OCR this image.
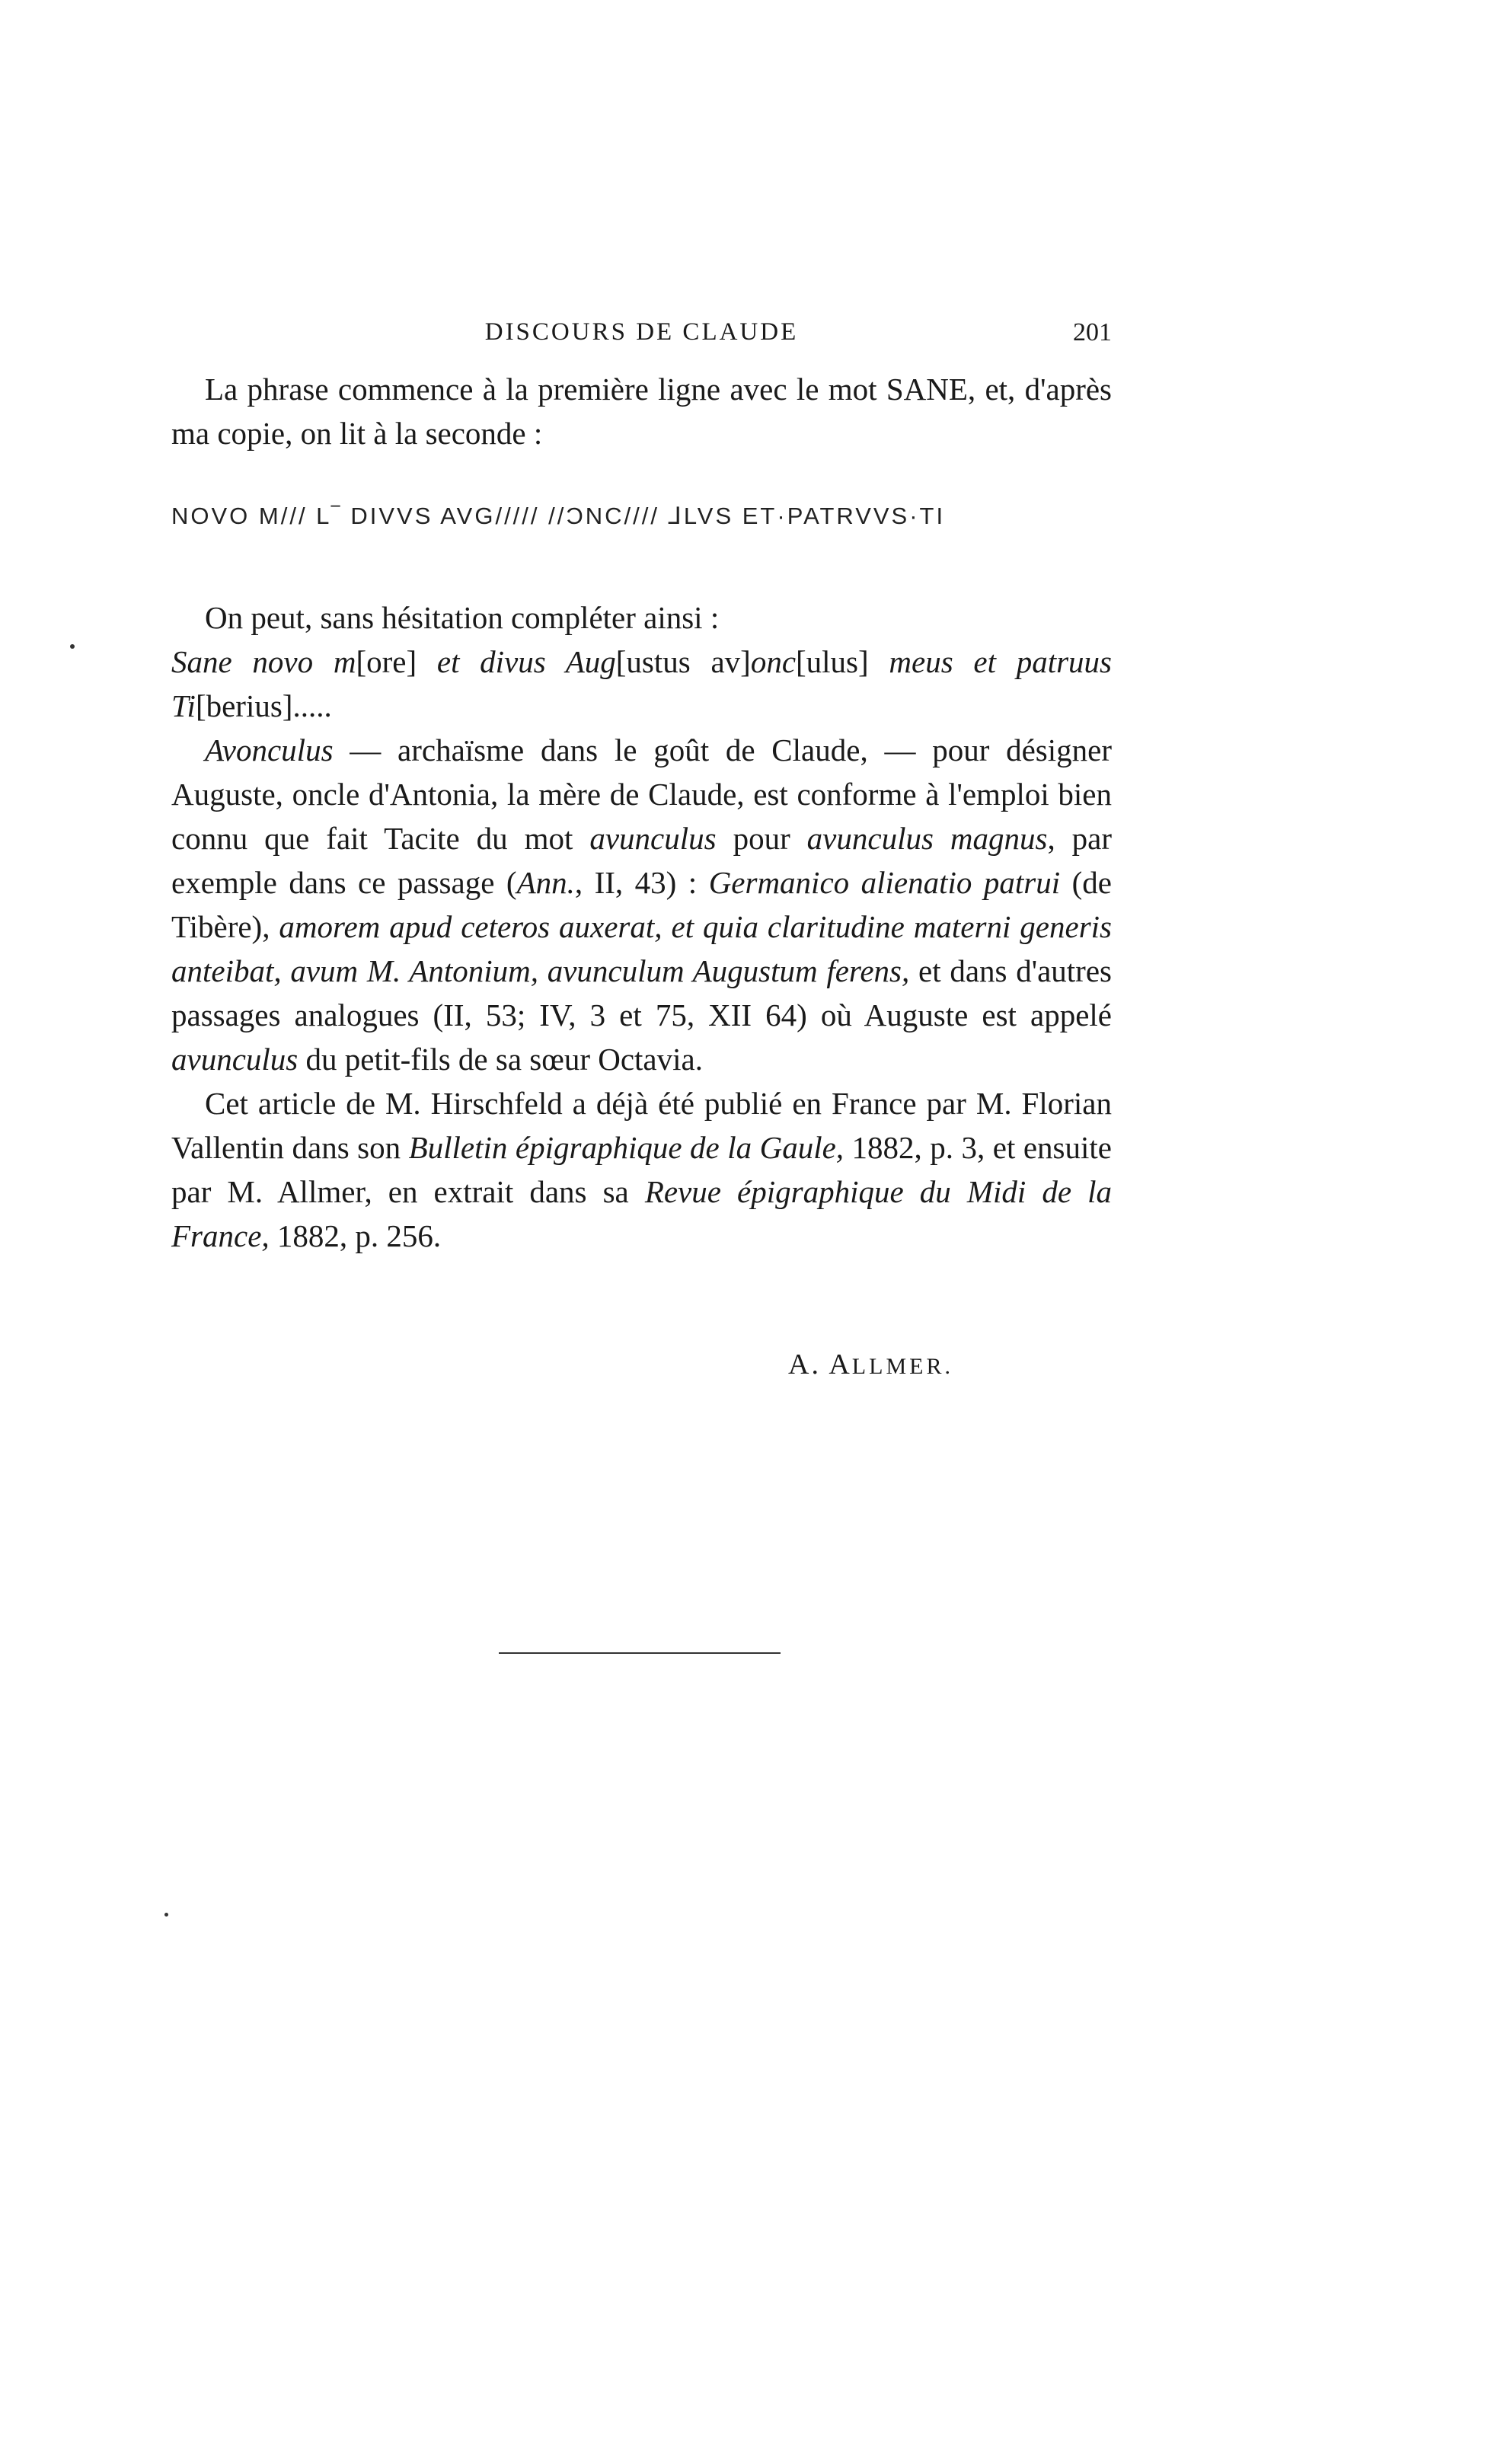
DISCOURS DE CLAUDE	201

La phrase commence à la première ligne avec le mot SANE, et, d'après ma copie, on lit à la seconde :

NOVO M/// L‾ DIVVS AVG///// //ƆNC//// ⅃LVS ET·PATRVVS·TI

On peut, sans hésitation compléter ainsi :
Sane novo m[ore] et divus Aug[ustus av]onc[ulus] meus et patruus Ti[berius].....

Avonculus — archaïsme dans le goût de Claude, — pour désigner Auguste, oncle d'Antonia, la mère de Claude, est conforme à l'emploi bien connu que fait Tacite du mot avunculus pour avunculus magnus, par exemple dans ce passage (Ann., II, 43) : Germanico alienatio patrui (de Tibère), amorem apud ceteros auxerat, et quia claritudine materni generis anteibat, avum M. Antonium, avunculum Augustum ferens, et dans d'autres passages analogues (II, 53; IV, 3 et 75, XII 64) où Auguste est appelé avunculus du petit-fils de sa sœur Octavia.

Cet article de M. Hirschfeld a déjà été publié en France par M. Florian Vallentin dans son Bulletin épigraphique de la Gaule, 1882, p. 3, et ensuite par M. Allmer, en extrait dans sa Revue épigraphique du Midi de la France, 1882, p. 256.

A. ALLMER.
